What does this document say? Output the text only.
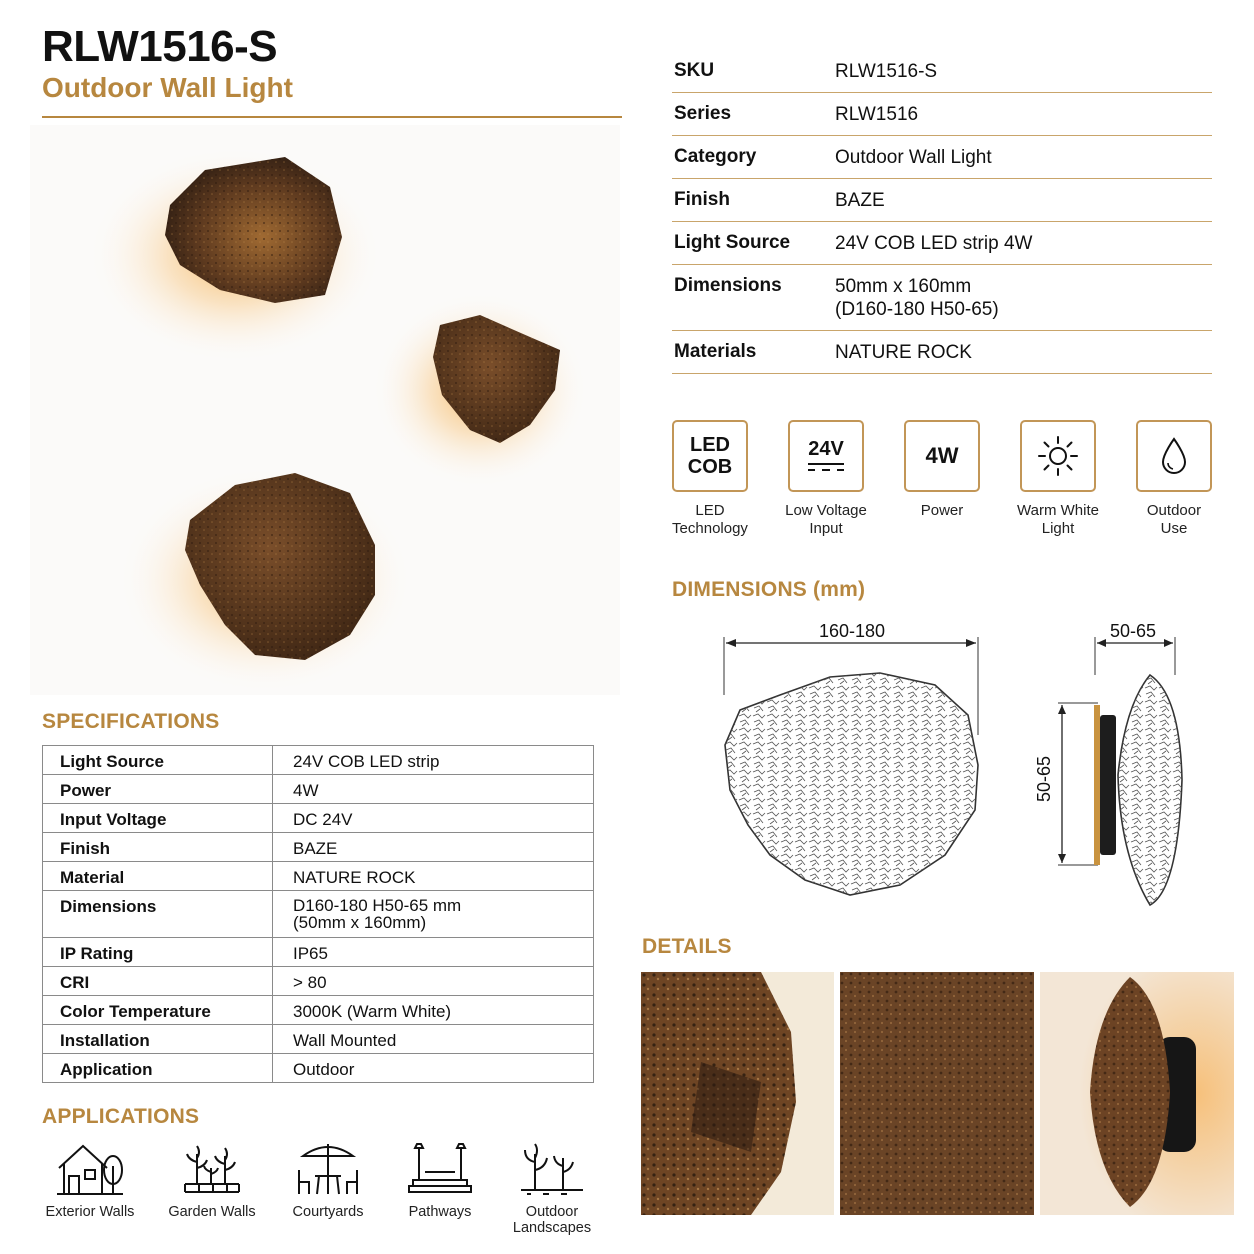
RLW1516-S
Outdoor Wall Light
SKU	RLW1516-S
Series	RLW1516
Category	Outdoor Wall Light
Finish	BAZE
Light Source	24V COB LED strip 4W
Dimensions	50mm x 160mm
(D160-180 H50-65)
Materials	NATURE ROCK
LED
COB
LED
Technology
24V
Low Voltage
Input
4W
Power	Warm White
Light
Outdoor
Use
DIMENSIONS (mm)
160-180	50-65
50-65
SPECIFICATIONS
Light Source	24V COB LED strip
Power	4W
Input Voltage	DC 24V
Finish	BAZE
Material	NATURE ROCK
Dimensions	D160-180 H50-65 mm
(50mm x 160mm)

IP Rating	IP65
CRI	> 80
Color Temperature	3000K (Warm White)
Installation	Wall Mounted
Application	Outdoor
APPLICATIONS
Exterior Walls	Garden Walls	Courtyards	Pathways	Outdoor
Landscapes
DETAILS
